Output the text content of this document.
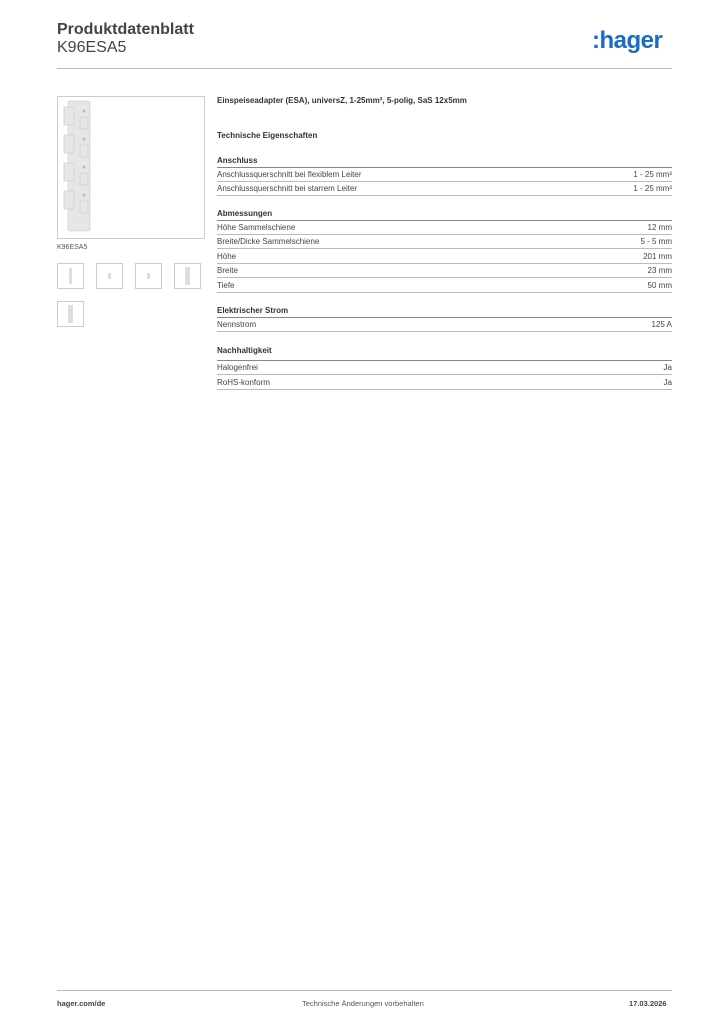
Produktdatenblatt
K96ESA5	:hager
K96ESA5
Einspeiseadapter (ESA), universZ, 1-25mm², 5-polig, SaS 12x5mm
Technische Eigenschaften
Anschluss
Anschlussquerschnitt bei flexiblem Leiter	1 - 25 mm²
Anschlussquerschnitt bei starrem Leiter	1 - 25 mm²
Abmessungen
Höhe Sammelschiene	12 mm
Breite/Dicke Sammelschiene	5 - 5 mm
Höhe	201 mm
Breite	23 mm
Tiefe	50 mm
Elektrischer Strom
Nennstrom	125 A
Nachhaltigkeit
Halogenfrei	Ja
RoHS-konform	Ja
hager.com/de	Technische Änderungen vorbehalten	17.03.2026
